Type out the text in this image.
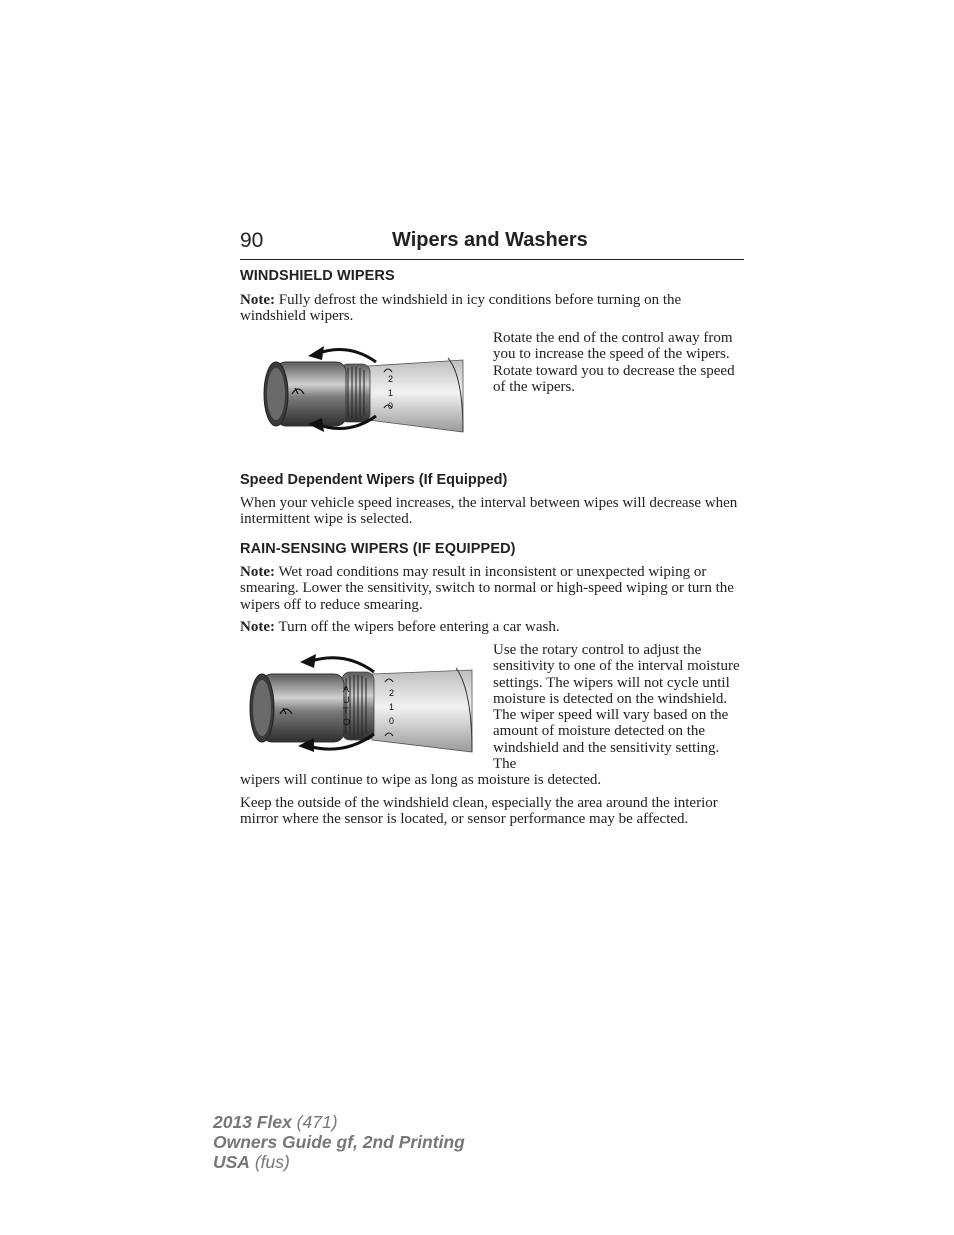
90	Wipers and Washers
WINDSHIELD WIPERS
Note: Fully defrost the windshield in icy conditions before turning on the windshield wipers.
2
1
0
Rotate the end of the control away from you to increase the speed of the wipers. Rotate toward you to decrease the speed of the wipers.
Speed Dependent Wipers (If Equipped)
When your vehicle speed increases, the interval between wipes will decrease when intermittent wipe is selected.
RAIN-SENSING WIPERS (IF EQUIPPED)
Note: Wet road conditions may result in inconsistent or unexpected wiping or smearing. Lower the sensitivity, switch to normal or high-speed wiping or turn the wipers off to reduce smearing.
Note: Turn off the wipers before entering a car wash.
A
U
T
O
2
1
0
Use the rotary control to adjust the sensitivity to one of the interval moisture settings. The wipers will not cycle until moisture is detected on the windshield. The wiper speed will vary based on the amount of moisture detected on the windshield and the sensitivity setting. The
wipers will continue to wipe as long as moisture is detected.
Keep the outside of the windshield clean, especially the area around the interior mirror where the sensor is located, or sensor performance may be affected.
2013 Flex (471)
Owners Guide gf, 2nd Printing
USA (fus)
